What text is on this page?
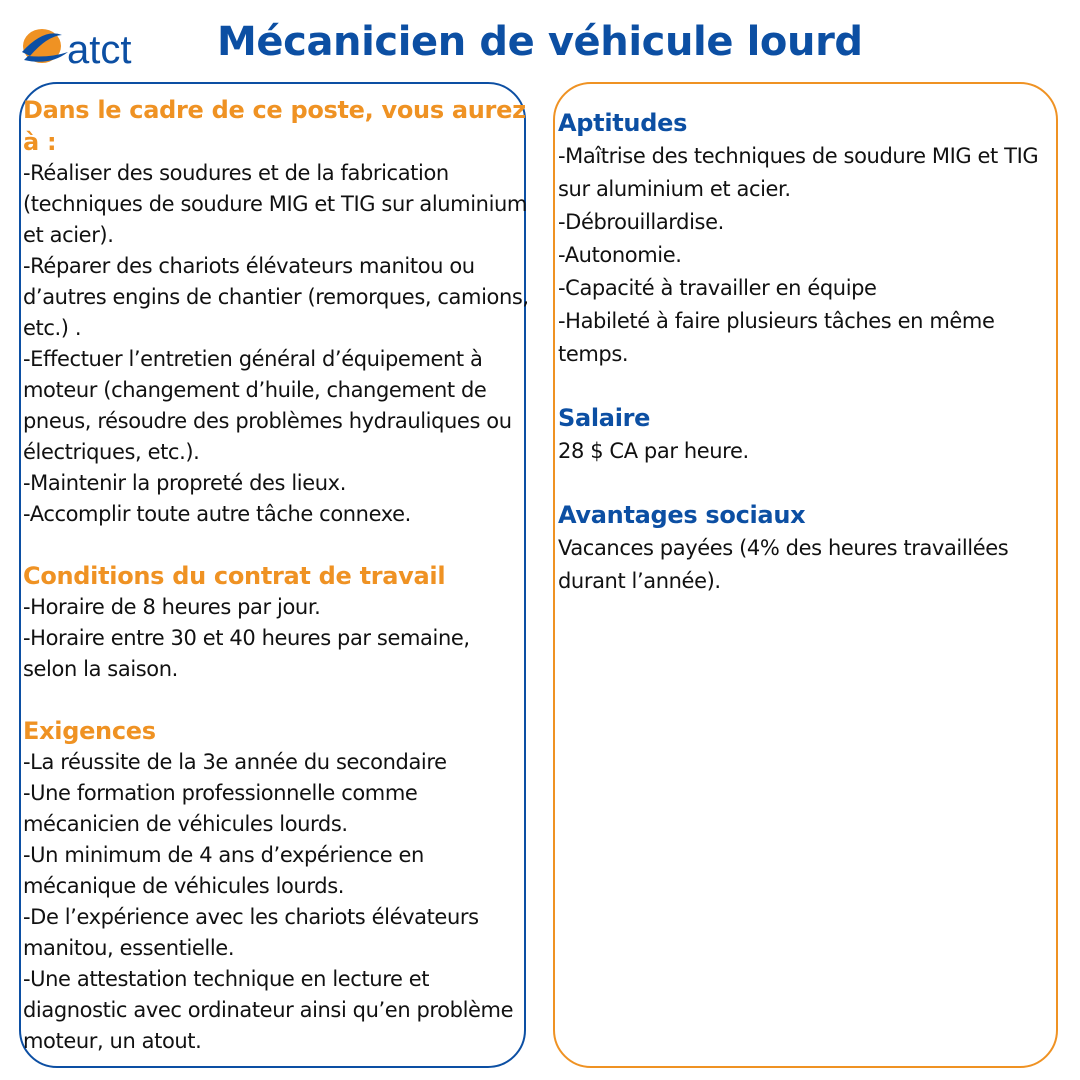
atct Mécanicien de véhicule lourd
Dans le cadre de ce poste, vous aurez à :
-Réaliser des soudures et de la fabrication (techniques de soudure MIG et TIG sur aluminium et acier).
-Réparer des chariots élévateurs manitou ou d’autres engins de chantier (remorques, camions, etc.) .
-Effectuer l’entretien général d’équipement à moteur (changement d’huile, changement de pneus, résoudre des problèmes hydrauliques ou électriques, etc.).
-Maintenir la propreté des lieux.
-Accomplir toute autre tâche connexe.
Conditions du contrat de travail
-Horaire de 8 heures par jour.
-Horaire entre 30 et 40 heures par semaine, selon la saison.
Exigences
-La réussite de la 3e année du secondaire
-Une formation professionnelle comme mécanicien de véhicules lourds.
-Un minimum de 4 ans d’expérience en mécanique de véhicules lourds.
-De l’expérience avec les chariots élévateurs manitou, essentielle.
-Une attestation technique en lecture et diagnostic avec ordinateur ainsi qu’en problème moteur, un atout.
Aptitudes
-Maîtrise des techniques de soudure MIG et TIG sur aluminium et acier.
-Débrouillardise.
-Autonomie.
-Capacité à travailler en équipe
-Habileté à faire plusieurs tâches en même temps.
Salaire
28 $ CA par heure.
Avantages sociaux
Vacances payées (4% des heures travaillées durant l’année).
